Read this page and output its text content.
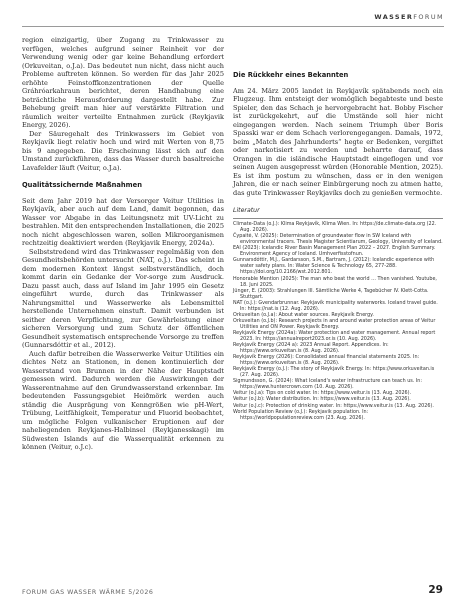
WASSERFORUM

region einzigartig, über Zugang zu Trinkwasser zu verfügen, welches aufgrund seiner Reinheit vor der Verwendung wenig oder gar keine Behandlung erfordert (Orkuveitan, o.J.a). Das bedeutet nun nicht, dass nicht auch Probleme auftreten können. So werden für das Jahr 2025 erhöhte Feinstoffkonzentrationen der Quelle Gráhróarkahraun berichtet, deren Handhabung eine beträchtliche Herausforderung dargestellt habe. Zur Behebung greift man hier auf verstärkte Filtration und räumlich weiter verteilte Entnahmen zurück (Reykjavik Energy, 2026).

Der Säuregehalt des Trinkwassers im Gebiet von Reykjavík liegt relativ hoch und wird mit Werten von 8,75 bis 9 angegeben. Die Erscheinung lässt sich auf den Umstand zurückführen, dass das Wasser durch basaltreiche Lavafelder läuft (Veitur, o.J.a).

Qualitätssichernde Maßnahmen

Seit dem Jahr 2019 hat der Versorger Veitur Utilities in Reykjavík, aber auch auf dem Land, damit begonnen, das Wasser vor Abgabe in das Leitungsnetz mit UV-Licht zu bestrahlen. Mit den entsprechenden Installationen, die 2025 noch nicht abgeschlossen waren, sollen Mikroorganismen rechtzeitig deaktiviert werden (Reykjavik Energy, 2024a).

Selbststredend wird das Trinkwasser regelmäßig von den Gesundheitsbehörden untersucht (NAT, o.J.). Das scheint in dem modernen Kontext längst selbstverständlich, doch kommt darin ein Gedanke der Vor-sorge zum Ausdruck. Dazu passt auch, dass auf Island im Jahr 1995 ein Gesetz eingeführt wurde, durch das Trinkwasser als Nahrungsmittel und Wasserwerke als Lebensmittel herstellende Unternehmen einstuft. Damit verbunden ist seither deren Verpflichtung, zur Gewährleistung einer sicheren Versorgung und zum Schutz der öffentlichen Gesundheit systematisch entsprechende Vorsorge zu treffen (Gunnarsdóttir et al., 2012).

Auch dafür betreiben die Wasserwerke Veitur Utilities ein dichtes Netz an Stationen, in denen kontinuierlich der Wasserstand von Brunnen in der Nähe der Hauptstadt gemessen wird. Dadurch werden die Auswirkungen der Wasserentnahme auf den Grundwasserstand erkennbar. Im bedeutenden Fassungsgebiet Heiðmörk werden auch ständig die Ausprägung von Kenngrößen wie pH-Wert, Trübung, Leitfähigkeit, Temperatur und Fluorid beobachtet, um mögliche Folgen vulkanischer Eruptionen auf der naheliegenden Reykjanes-Halbinsel (Reykjanesskagi) im Südwesten Islands auf die Wasserqualität erkennen zu können (Veitur, o.J.c).

Die Rückkehr eines Bekannten

Am 24. März 2005 landet in Reykjavík spätabends noch ein Flugzeug. Ihm entsteigt der womöglich begabteste und beste Spieler, den das Schach je hervorgebracht hat. Bobby Fischer ist zurückgekehrt, auf die Umstände soll hier nicht eingegangen werden. Nach seinem Triumph über Boris Spasski war er dem Schach verlorengegangen. Damals, 1972, beim „Match des Jahrhunderts“ hegte er Bedenken, vergiftet oder narkotisiert zu werden und beharrte darauf, dass Orangen in die isländische Hauptstadt eingeflogen und vor seinen Augen ausgepresst würden (Honorable Mention, 2025). Es ist ihm postum zu wünschen, dass er in den wenigen Jahren, die er nach seiner Einbürgerung noch zu atmen hatte, das gute Trinkwasser Reykjavíks doch zu genießen vermochte.

Literatur
Climate-Data (o.J.): Klima Reykjavík, Klima Wien. In: https://de.climate-data.org (22. Aug. 2026).
Čypaitė, V. (2025): Determination of groundwater flow in SW Iceland with environmental tracers. Thesis Magister Scientiarum, Geology, University of Iceland.
EAI (2023): Icelandic River Basin Management Plan 2022 – 2027. English Summary. Environment Agency of Iceland. Umhverfisstofnun.
Gunnarsdóttir, M.J., Gardarsson, S.M., Bartram, J. (2012): Icelandic experience with water safety plans. In: Water Science & Technology 65, 277-288. https://doi.org/10.2166/wst.2012.801.
Honorable Mention (2025): The man who beat the world … Then vanished. Youtube, 18. Juni 2025.
Jünger, E. (2003): Strahlungen III. Sämtliche Werke 4, Tagebücher IV. Klett-Cotta. Stuttgart.
NAT (o.J.): Gvendarbrunnar. Reykjavík municipality waterworks. Iceland travel guide. In: https://nat.is (12. Aug. 2026).
Orkuveitan (o.J.a): About water sources. Reykjavík Energy.
Orkuveitan (o.J.b): Research projects in and around water protection areas of Veitur Utilities and ON Power. Reykjavík Energy.
Reykjavík Energy (2024a): Water protection and water management. Annual report 2023. In: https://annualreport2023.or.is (10. Aug. 2026).
Reykjavík Energy (2024 a): 2023 Annual Report. Appendices. In: https://www.orkuveitan.is (8. Aug. 2026).
Reykjavík Energy (2026): Consolidated annual financial statements 2025. In: https://www.orkuveitan.is (8. Aug. 2026).
Reykjavík Energy (o.J.): The story of Reykjavík Energy. In: https://www.orkuveitan.is (27. Aug. 2026).
Sigmundsson, G. (2024): What Iceland's water infrastructure can teach us. In: https://www.huntercrown.com (10. Aug. 2026).
Veitur (o.J.a): Tips on cold water. In: https://www.veitur.is (13. Aug. 2026).
Veitur (o.J.b): Water distribution. In: https://www.veitur.is (13. Aug. 2026).
Veitur (o.J.c): Protection of drinking water. In: https://www.veitur.is (13. Aug. 2026).
World Population Review (o.J.): Reykjavik population. In: https://worldpopulationreview.com (23. Aug. 2026).
FORUM GAS WASSER WÄRME 5/2026	29
